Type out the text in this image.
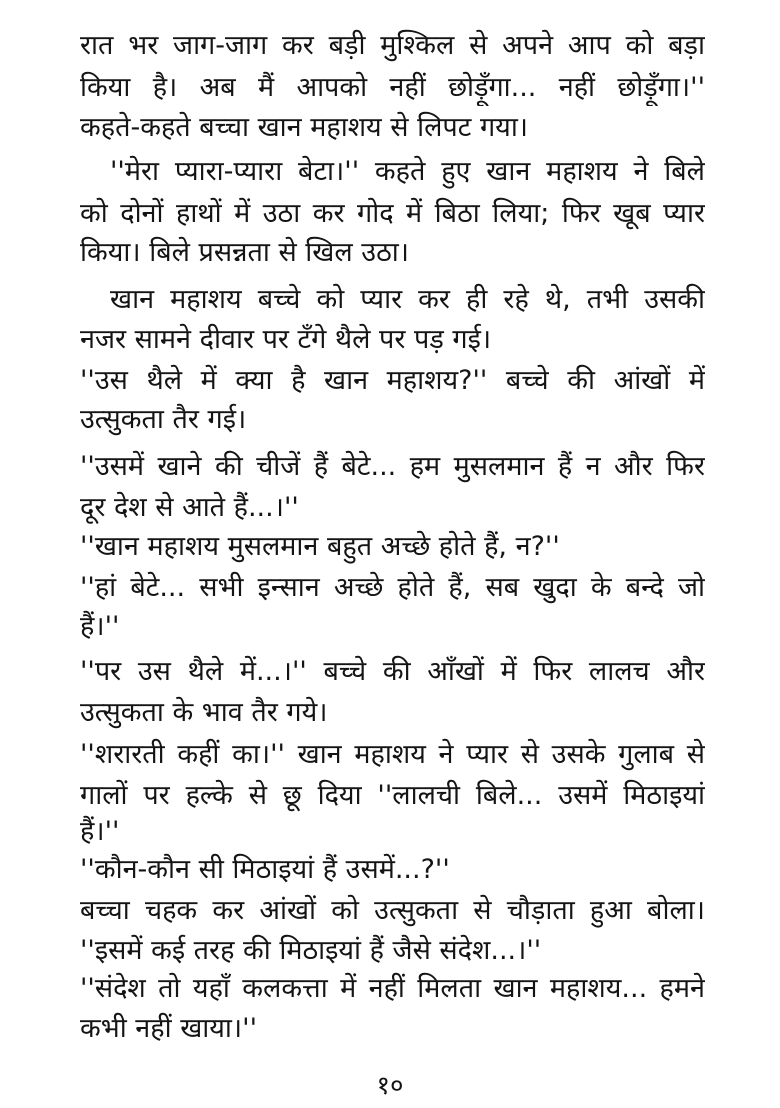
१०
रात भर जाग-जाग कर बड़ी मुश्किल से अपने आप को बड़ा
किया है। अब मैं आपको नहीं छोड़ूँगा... नहीं छोड़ूँगा।''
कहते-कहते बच्चा खान महाशय से लिपट गया।
''मेरा प्यारा-प्यारा बेटा।'' कहते हुए खान महाशय ने बिले
को दोनों हाथों में उठा कर गोद में बिठा लिया; फिर खूब प्यार
किया। बिले प्रसन्नता से खिल उठा।
खान महाशय बच्चे को प्यार कर ही रहे थे, तभी उसकी
नजर सामने दीवार पर टँगे थैले पर पड़ गई।
''उस थैले में क्या है खान महाशय?'' बच्चे की आंखों में
उत्सुकता तैर गई।
''उसमें खाने की चीजें हैं बेटे... हम मुसलमान हैं न और फिर
दूर देश से आते हैं...।''
''खान महाशय मुसलमान बहुत अच्छे होते हैं, न?''
''हां बेटे... सभी इन्सान अच्छे होते हैं, सब खुदा के बन्दे जो
हैं।''
''पर उस थैले में...।'' बच्चे की आँखों में फिर लालच और
उत्सुकता के भाव तैर गये।
''शरारती कहीं का।'' खान महाशय ने प्यार से उसके गुलाब से
गालों पर हल्के से छू दिया ''लालची बिले... उसमें मिठाइयां
हैं।''
''कौन-कौन सी मिठाइयां हैं उसमें...?''
बच्चा चहक कर आंखों को उत्सुकता से चौड़ाता हुआ बोला।
''इसमें कई तरह की मिठाइयां हैं जैसे संदेश...।''
''संदेश तो यहाँ कलकत्ता में नहीं मिलता खान महाशय... हमने
कभी नहीं खाया।''
